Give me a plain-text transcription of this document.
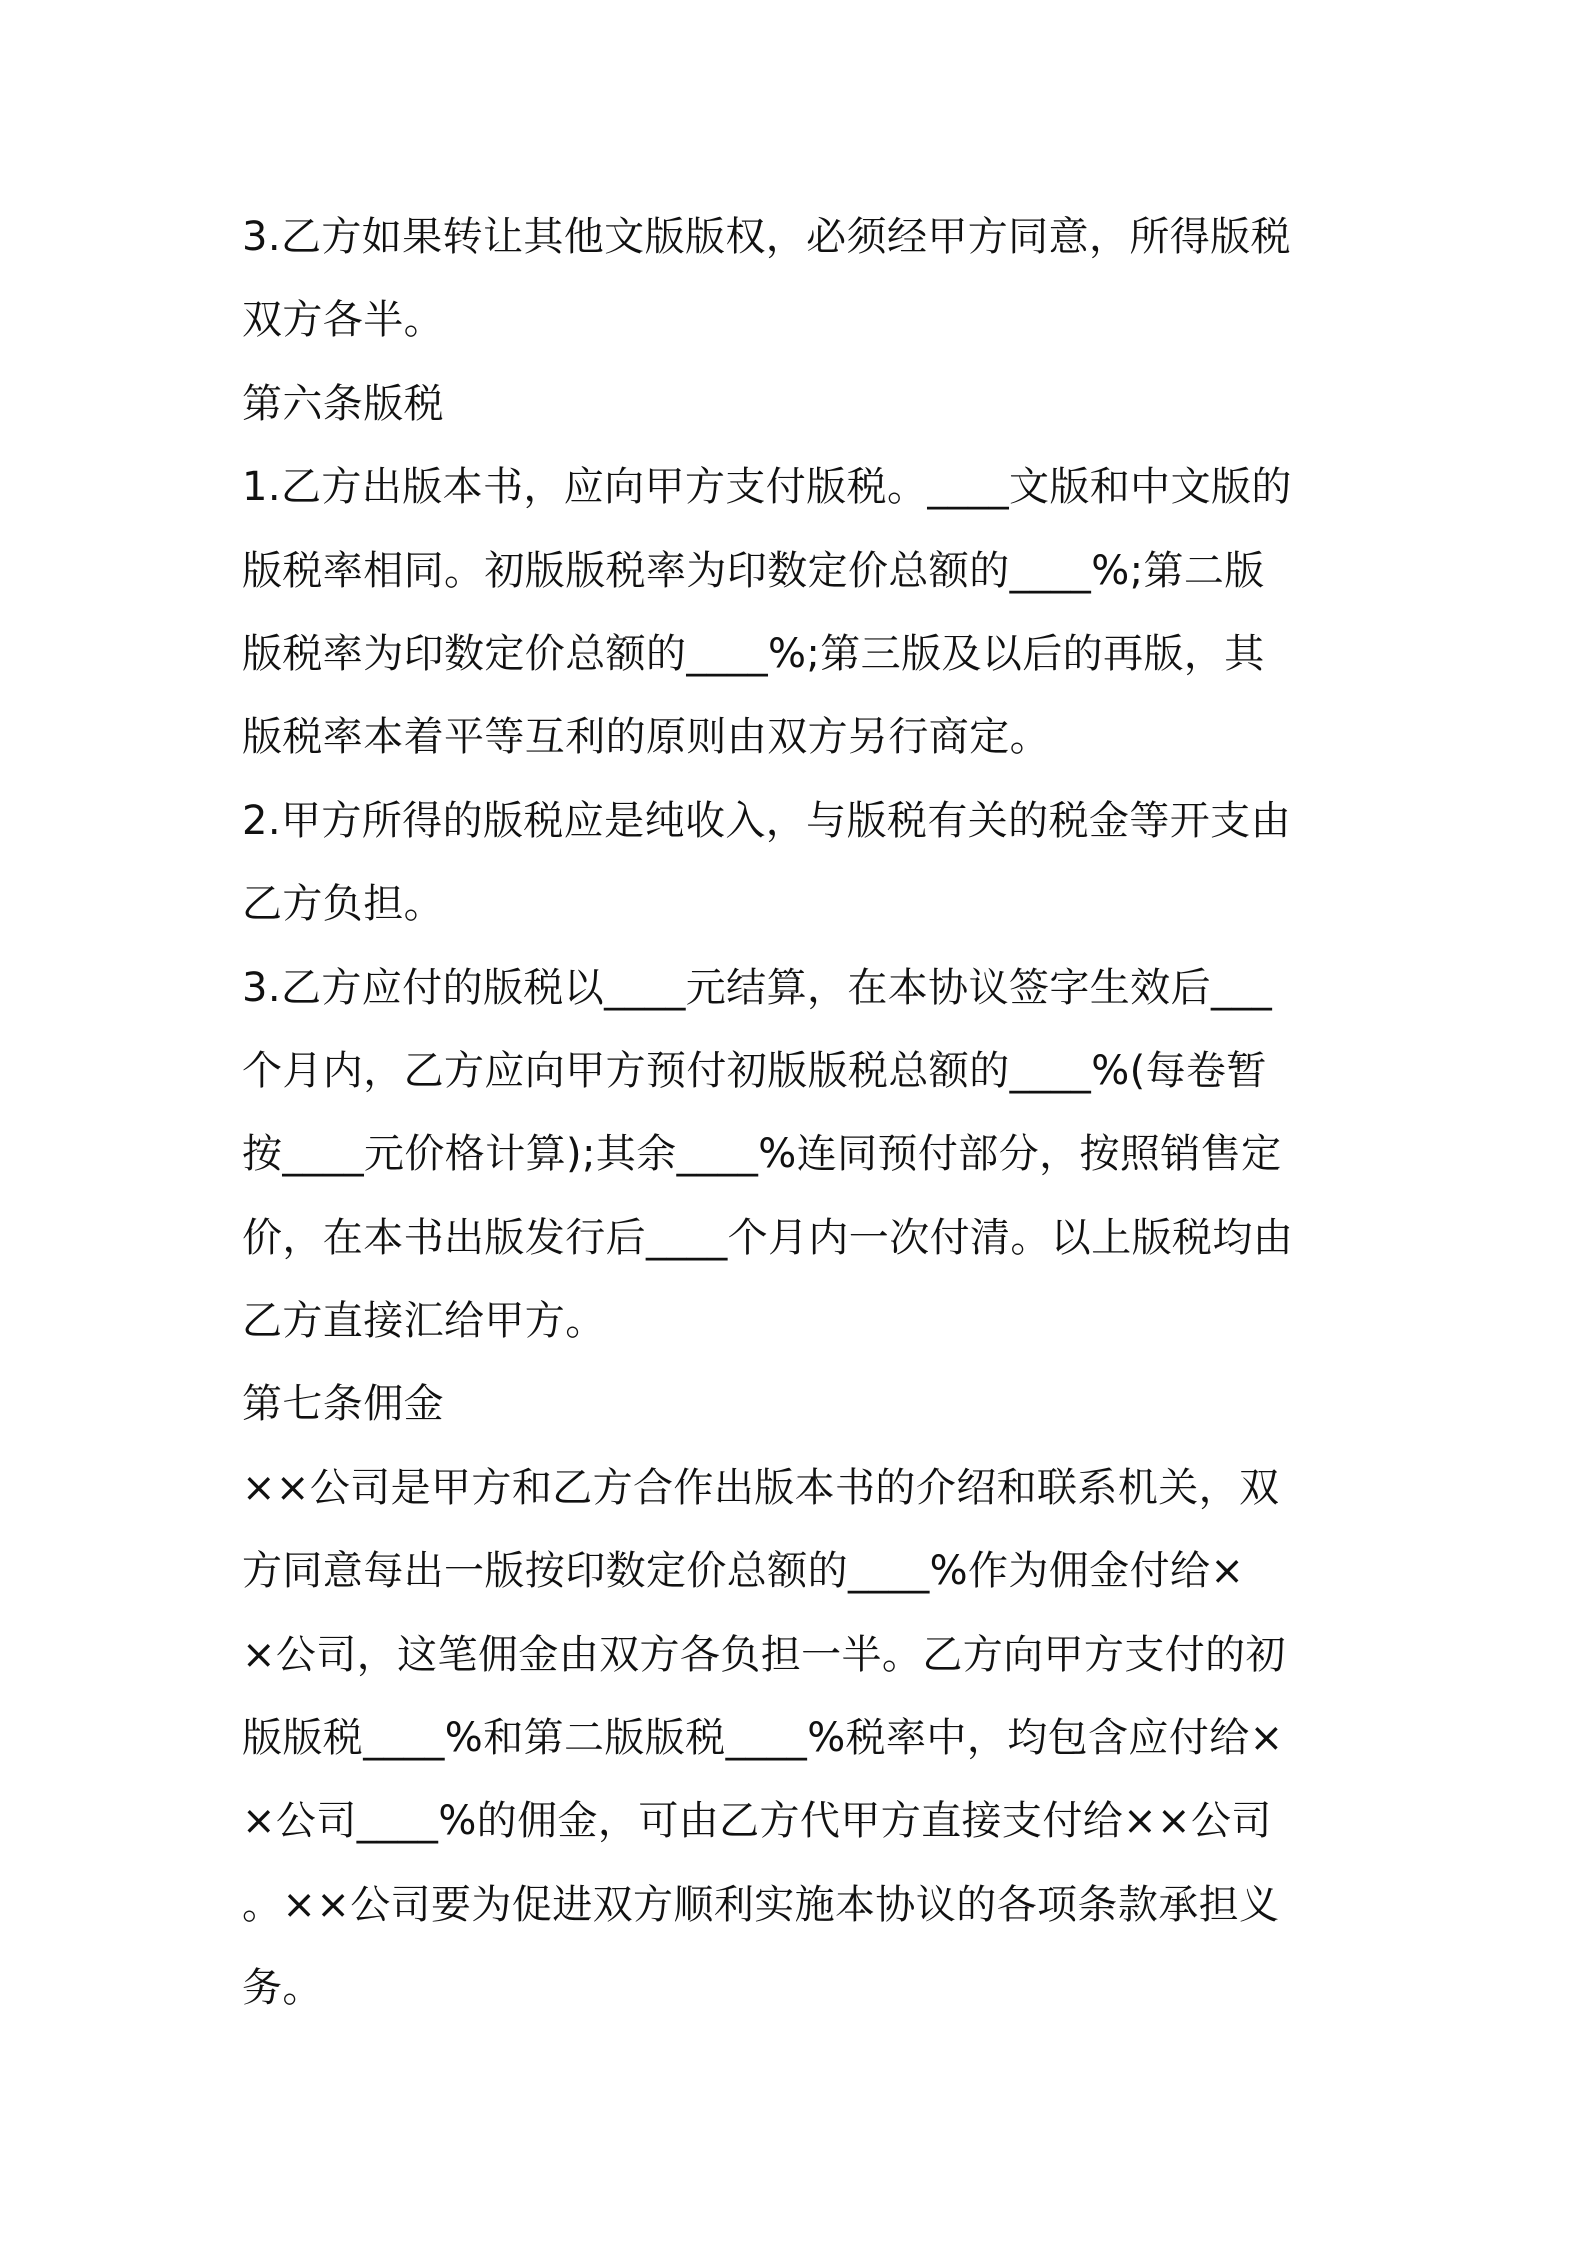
3.乙方如果转让其他文版版权，必须经甲方同意，所得版税
双方各半。
第六条版税
1.乙方出版本书，应向甲方支付版税。____文版和中文版的
版税率相同。初版版税率为印数定价总额的____%;第二版
版税率为印数定价总额的____%;第三版及以后的再版，其
版税率本着平等互利的原则由双方另行商定。
2.甲方所得的版税应是纯收入，与版税有关的税金等开支由
乙方负担。
3.乙方应付的版税以____元结算，在本协议签字生效后___
个月内，乙方应向甲方预付初版版税总额的____%(每卷暂
按____元价格计算);其余____%连同预付部分，按照销售定
价，在本书出版发行后____个月内一次付清。以上版税均由
乙方直接汇给甲方。
第七条佣金
××公司是甲方和乙方合作出版本书的介绍和联系机关，双
方同意每出一版按印数定价总额的____%作为佣金付给×
×公司，这笔佣金由双方各负担一半。乙方向甲方支付的初
版版税____%和第二版版税____%税率中，均包含应付给×
×公司____%的佣金，可由乙方代甲方直接支付给××公司
。××公司要为促进双方顺利实施本协议的各项条款承担义
务。
